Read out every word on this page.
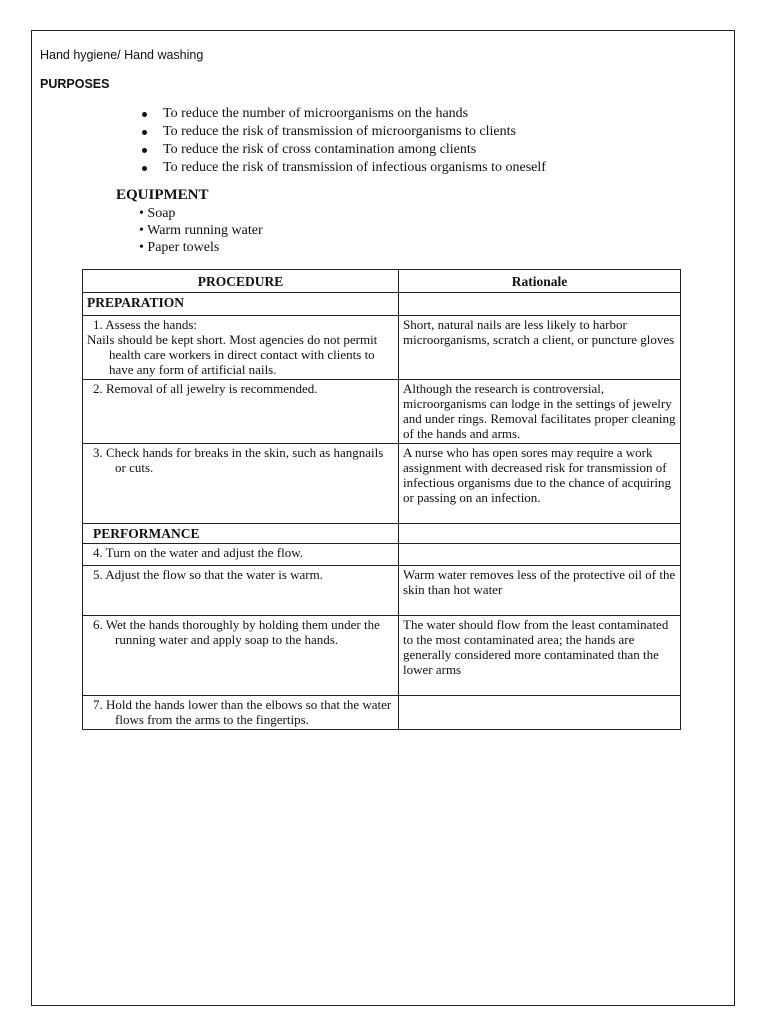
Hand hygiene/ Hand washing
PURPOSES
To reduce the number of microorganisms on the hands
To reduce the risk of transmission of microorganisms to clients
To reduce the risk of cross contamination among clients
To reduce the risk of transmission of infectious organisms to oneself
EQUIPMENT
• Soap
• Warm running water
• Paper towels
PROCEDURE	Rationale
PREPARATION	

1. Assess the hands:
Nails should be kept short. Most agencies do not permit health care workers in direct contact with clients to have any form of artificial nails.	Short, natural nails are less likely to harbor microorganisms, scratch a client, or puncture gloves

2. Removal of all jewelry is recommended.	Although the research is controversial, microorganisms can lodge in the settings of jewelry and under rings. Removal facilitates proper cleaning of the hands and arms.

3. Check hands for breaks in the skin, such as hangnails or cuts.	A nurse who has open sores may require a work assignment with decreased risk for transmission of infectious organisms due to the chance of acquiring or passing on an infection.
PERFORMANCE	

4. Turn on the water and adjust the flow.	

5. Adjust the flow so that the water is warm.	Warm water removes less of the protective oil of the skin than hot water

6. Wet the hands thoroughly by holding them under the running water and apply soap to the hands.	The water should flow from the least contaminated to the most contaminated area; the hands are generally considered more contaminated than the lower arms

7. Hold the hands lower than the elbows so that the water flows from the arms to the fingertips.	
